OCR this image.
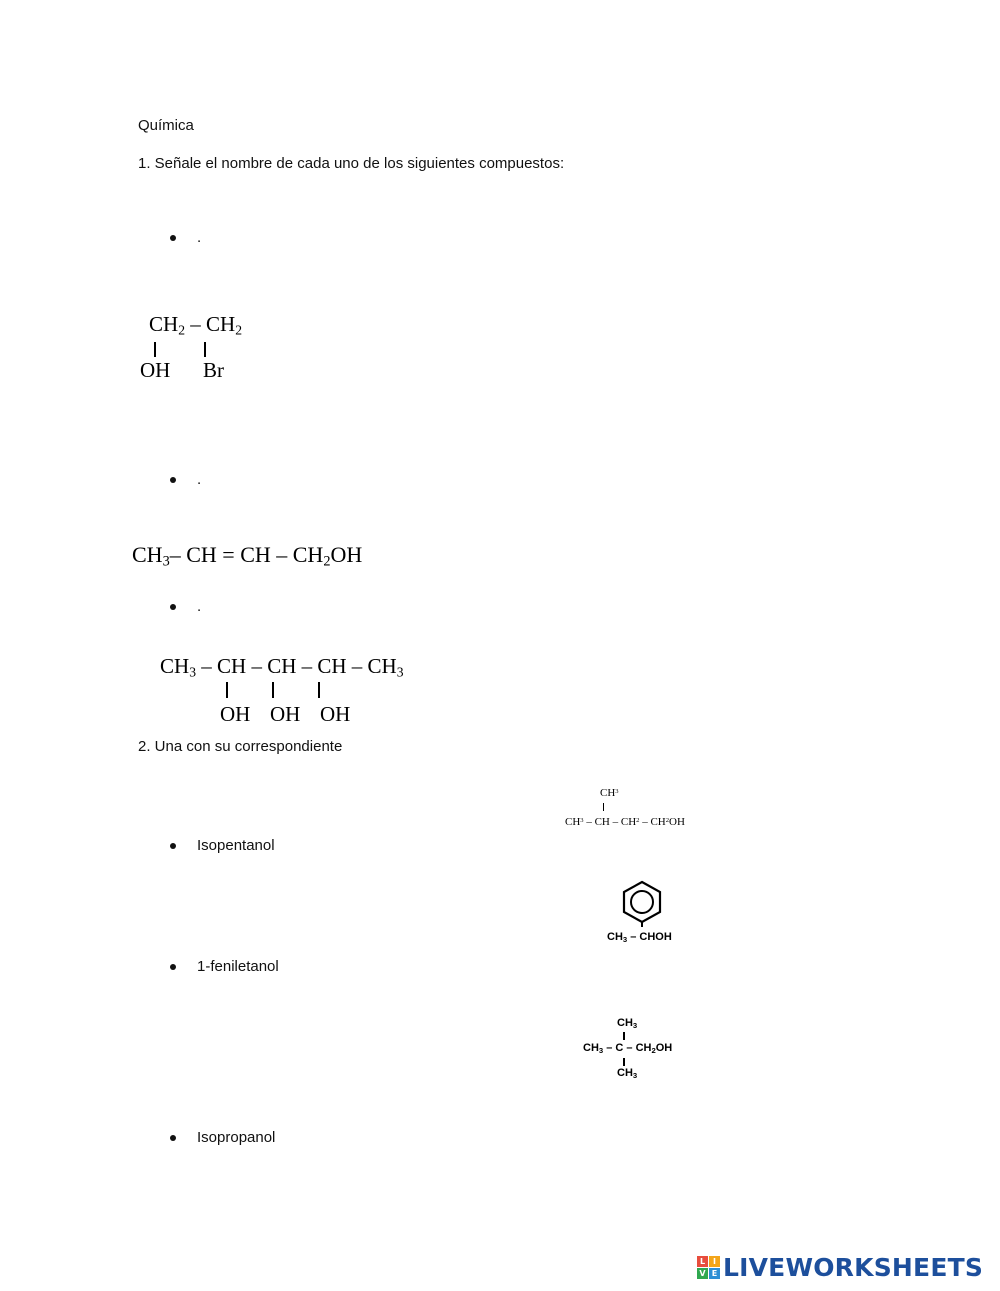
Química
1. Señale el nombre de cada uno de los siguientes compuestos:
.
$CH_2 - CH_2$
OH Br
.
$CH_3-$ CH = CH – $CH_2OH$
.
$CH_3$ – CH – CH – CH – $CH_3$
OH OH OH
2. Una con su correspondiente
Isopentanol
1-feniletanol
Isopropanol
$CH^3$
$CH^3$ – CH – $CH^2 - CH^2OH$
$CH_3$ – CHOH
$CH_3$
$CH_3$ – C – $CH_2OH$
$CH_3$
L I
V E LIVEWORKSHEETS
